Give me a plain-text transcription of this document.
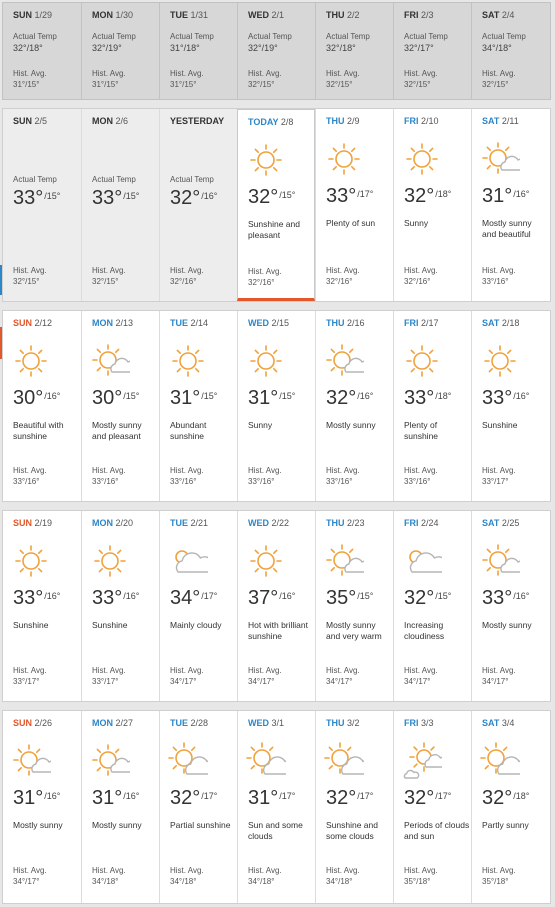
SUN 1/29
Actual Temp
32°/18°
Hist. Avg.
31°/15°
MON 1/30
Actual Temp
32°/19°
Hist. Avg.
31°/15°
TUE 1/31
Actual Temp
31°/18°
Hist. Avg.
31°/15°
WED 2/1
Actual Temp
32°/19°
Hist. Avg.
32°/15°
THU 2/2
Actual Temp
32°/18°
Hist. Avg.
32°/15°
FRI 2/3
Actual Temp
32°/17°
Hist. Avg.
32°/15°
SAT 2/4
Actual Temp
34°/18°
Hist. Avg.
32°/15°
SUN 2/5
Actual Temp
33°$^{/15^\circ}$
Hist. Avg.
32°/15°
MON 2/6
Actual Temp
33°$^{/15^\circ}$
Hist. Avg.
32°/15°
YESTERDAY
Actual Temp
32°$^{/16^\circ}$
Hist. Avg.
32°/16°
TODAY 2/8
32°$^{/15^\circ}$
Sunshine and pleasant
Hist. Avg.
32°/16°
THU 2/9
33°$^{/17^\circ}$
Plenty of sun
Hist. Avg.
32°/16°
FRI 2/10
32°$^{/18^\circ}$
Sunny
Hist. Avg.
32°/16°
SAT 2/11
31°$^{/16^\circ}$
Mostly sunny and beautiful
Hist. Avg.
33°/16°
SUN 2/12
30°$^{/16^\circ}$
Beautiful with sunshine
Hist. Avg.
33°/16°
MON 2/13
30°$^{/15^\circ}$
Mostly sunny and pleasant
Hist. Avg.
33°/16°
TUE 2/14
31°$^{/15^\circ}$
Abundant sunshine
Hist. Avg.
33°/16°
WED 2/15
31°$^{/15^\circ}$
Sunny
Hist. Avg.
33°/16°
THU 2/16
32°$^{/16^\circ}$
Mostly sunny
Hist. Avg.
33°/16°
FRI 2/17
33°$^{/18^\circ}$
Plenty of sunshine
Hist. Avg.
33°/16°
SAT 2/18
33°$^{/16^\circ}$
Sunshine
Hist. Avg.
33°/17°
SUN 2/19
33°$^{/16^\circ}$
Sunshine
Hist. Avg.
33°/17°
MON 2/20
33°$^{/16^\circ}$
Sunshine
Hist. Avg.
33°/17°
TUE 2/21
34°$^{/17^\circ}$
Mainly cloudy
Hist. Avg.
34°/17°
WED 2/22
37°$^{/16^\circ}$
Hot with brilliant sunshine
Hist. Avg.
34°/17°
THU 2/23
35°$^{/15^\circ}$
Mostly sunny and very warm
Hist. Avg.
34°/17°
FRI 2/24
32°$^{/15^\circ}$
Increasing cloudiness
Hist. Avg.
34°/17°
SAT 2/25
33°$^{/16^\circ}$
Mostly sunny
Hist. Avg.
34°/17°
SUN 2/26
31°$^{/16^\circ}$
Mostly sunny
Hist. Avg.
34°/17°
MON 2/27
31°$^{/16^\circ}$
Mostly sunny
Hist. Avg.
34°/18°
TUE 2/28
32°$^{/17^\circ}$
Partial sunshine
Hist. Avg.
34°/18°
WED 3/1
31°$^{/17^\circ}$
Sun and some clouds
Hist. Avg.
34°/18°
THU 3/2
32°$^{/17^\circ}$
Sunshine and some clouds
Hist. Avg.
34°/18°
FRI 3/3
32°$^{/17^\circ}$
Periods of clouds and sun
Hist. Avg.
35°/18°
SAT 3/4
32°$^{/18^\circ}$
Partly sunny
Hist. Avg.
35°/18°
